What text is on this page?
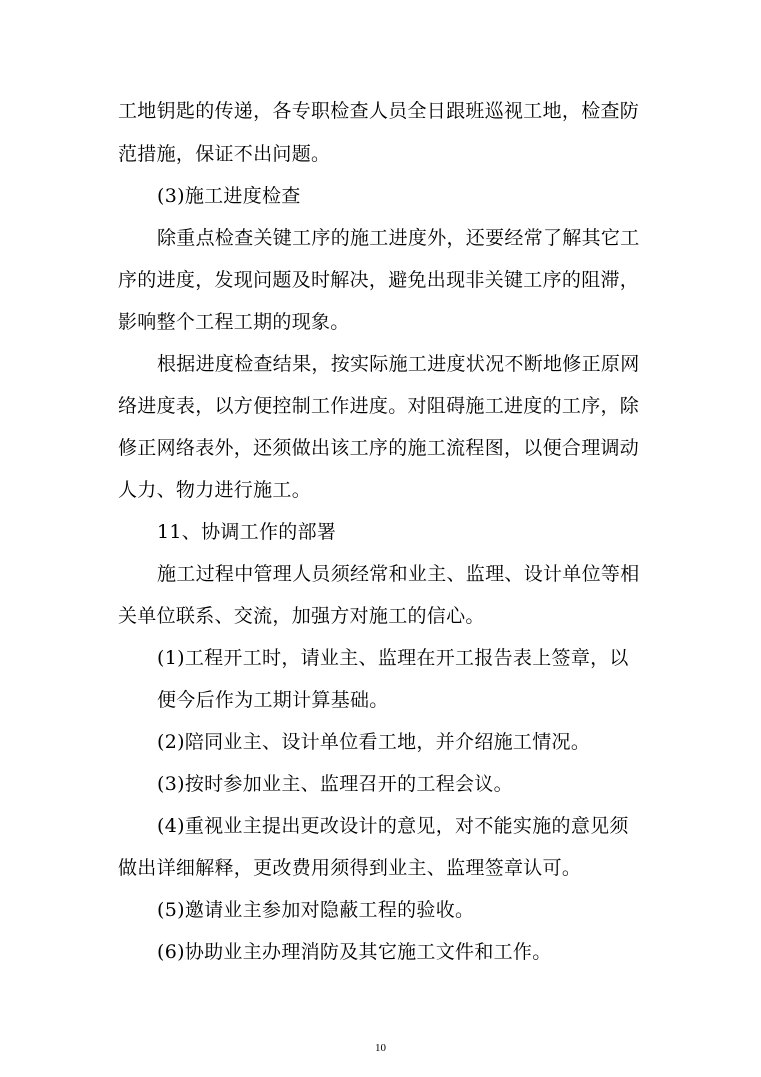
工地钥匙的传递，各专职检查人员全日跟班巡视工地，检查防
范措施，保证不出问题。
(3)施工进度检查
除重点检查关键工序的施工进度外，还要经常了解其它工
序的进度，发现问题及时解决，避免出现非关键工序的阻滞，
影响整个工程工期的现象。
根据进度检查结果，按实际施工进度状况不断地修正原网
络进度表，以方便控制工作进度。对阻碍施工进度的工序，除
修正网络表外，还须做出该工序的施工流程图，以便合理调动
人力、物力进行施工。
11、协调工作的部署
施工过程中管理人员须经常和业主、监理、设计单位等相
关单位联系、交流，加强方对施工的信心。
(1)工程开工时，请业主、监理在开工报告表上签章，以
便今后作为工期计算基础。
(2)陪同业主、设计单位看工地，并介绍施工情况。
(3)按时参加业主、监理召开的工程会议。
(4)重视业主提出更改设计的意见，对不能实施的意见须
做出详细解释，更改费用须得到业主、监理签章认可。
(5)邀请业主参加对隐蔽工程的验收。
(6)协助业主办理消防及其它施工文件和工作。
10
